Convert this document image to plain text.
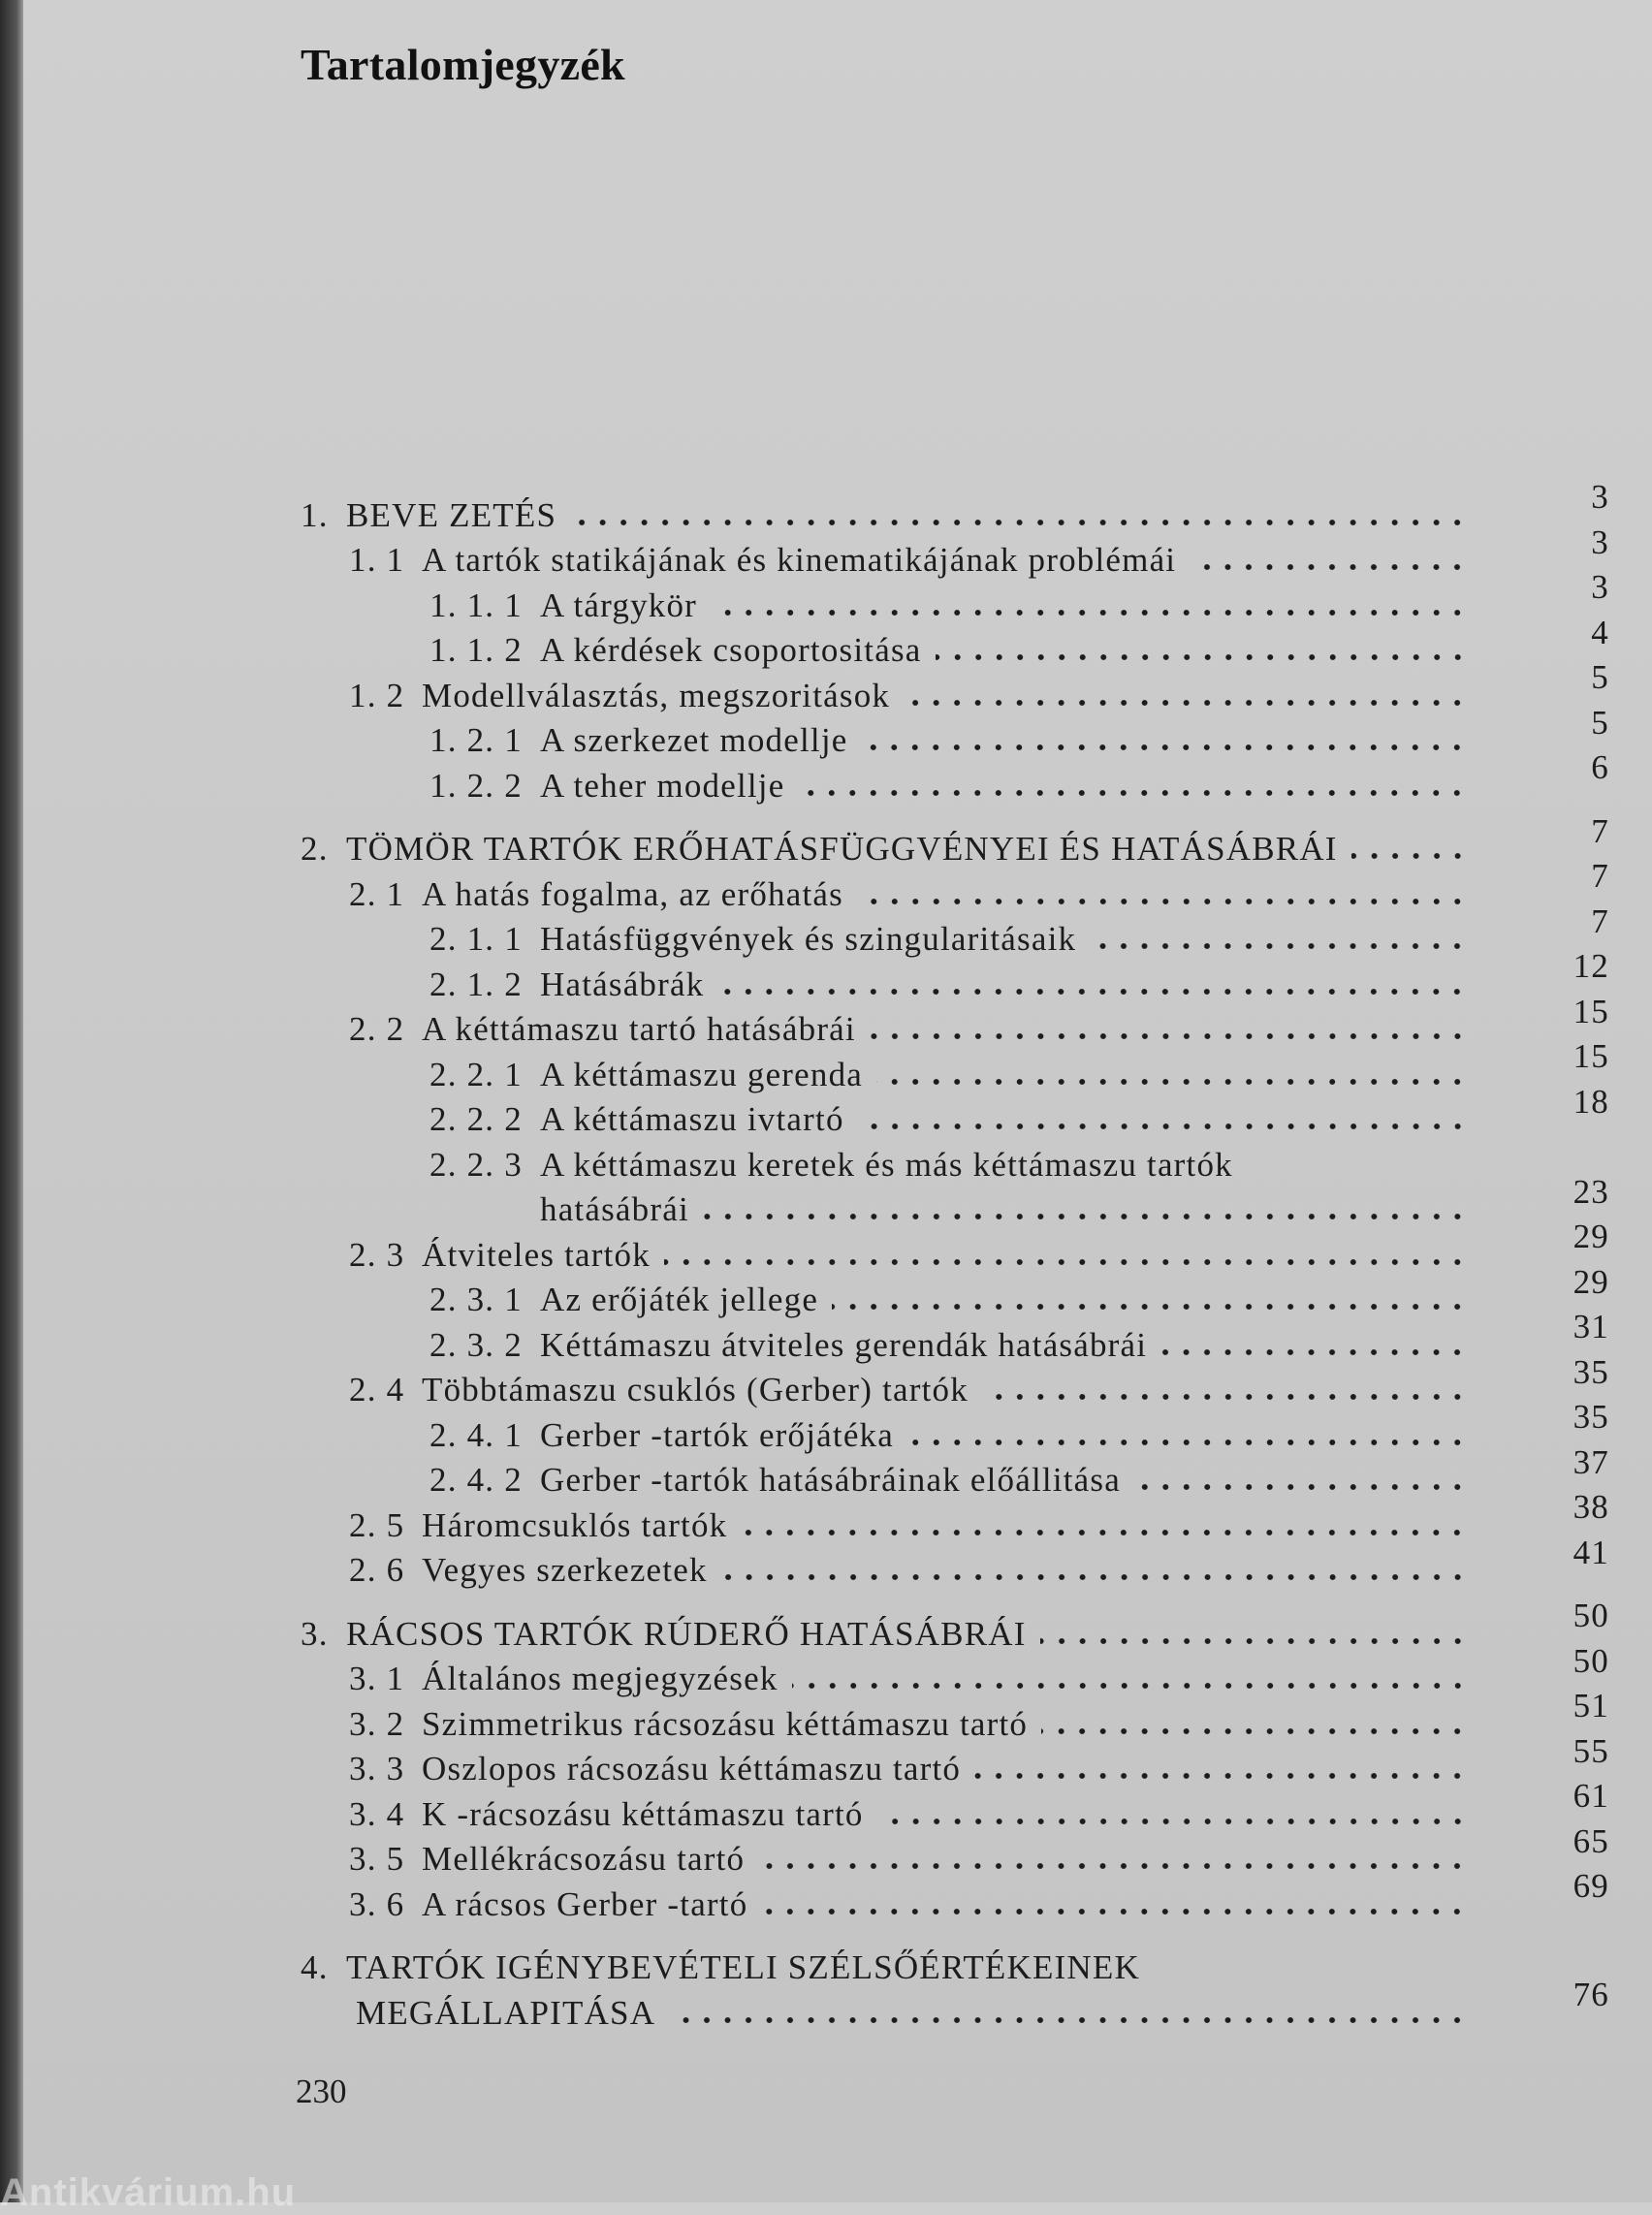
Tartalomjegyzék
1. BEVE ZETÉS	3
1. 1 A tartók statikájának és kinematikájának problémái	3
1. 1. 1 A tárgykör	3
1. 1. 2 A kérdések csoportositása	4
1. 2 Modellválasztás, megszoritások	5
1. 2. 1 A szerkezet modellje	5
1. 2. 2 A teher modellje	6
2. TÖMÖR TARTÓK ERŐHATÁSFÜGGVÉNYEI ÉS HATÁSÁBRÁI	7
2. 1 A hatás fogalma, az erőhatás	7
2. 1. 1 Hatásfüggvények és szingularitásaik	7
2. 1. 2 Hatásábrák	12
2. 2 A kéttámaszu tartó hatásábrái	15
2. 2. 1 A kéttámaszu gerenda	15
2. 2. 2 A kéttámaszu ivtartó	18
2. 2. 3 A kéttámaszu keretek és más kéttámaszu tartók
hatásábrái	23
2. 3 Átviteles tartók	29
2. 3. 1 Az erőjáték jellege	29
2. 3. 2 Kéttámaszu átviteles gerendák hatásábrái	31
2. 4 Többtámaszu csuklós (Gerber) tartók	35
2. 4. 1 Gerber -tartók erőjátéka	35
2. 4. 2 Gerber -tartók hatásábráinak előállitása	37
2. 5 Háromcsuklós tartók	38
2. 6 Vegyes szerkezetek	41
3. RÁCSOS TARTÓK RÚDERŐ HATÁSÁBRÁI	50
3. 1 Általános megjegyzések	50
3. 2 Szimmetrikus rácsozásu kéttámaszu tartó	51
3. 3 Oszlopos rácsozásu kéttámaszu tartó	55
3. 4 K -rácsozásu kéttámaszu tartó	61
3. 5 Mellékrácsozásu tartó	65
3. 6 A rácsos Gerber -tartó	69
4. TARTÓK IGÉNYBEVÉTELI SZÉLSŐÉRTÉKEINEK
MEGÁLLAPITÁSA	76
230
Antikvárium.hu
